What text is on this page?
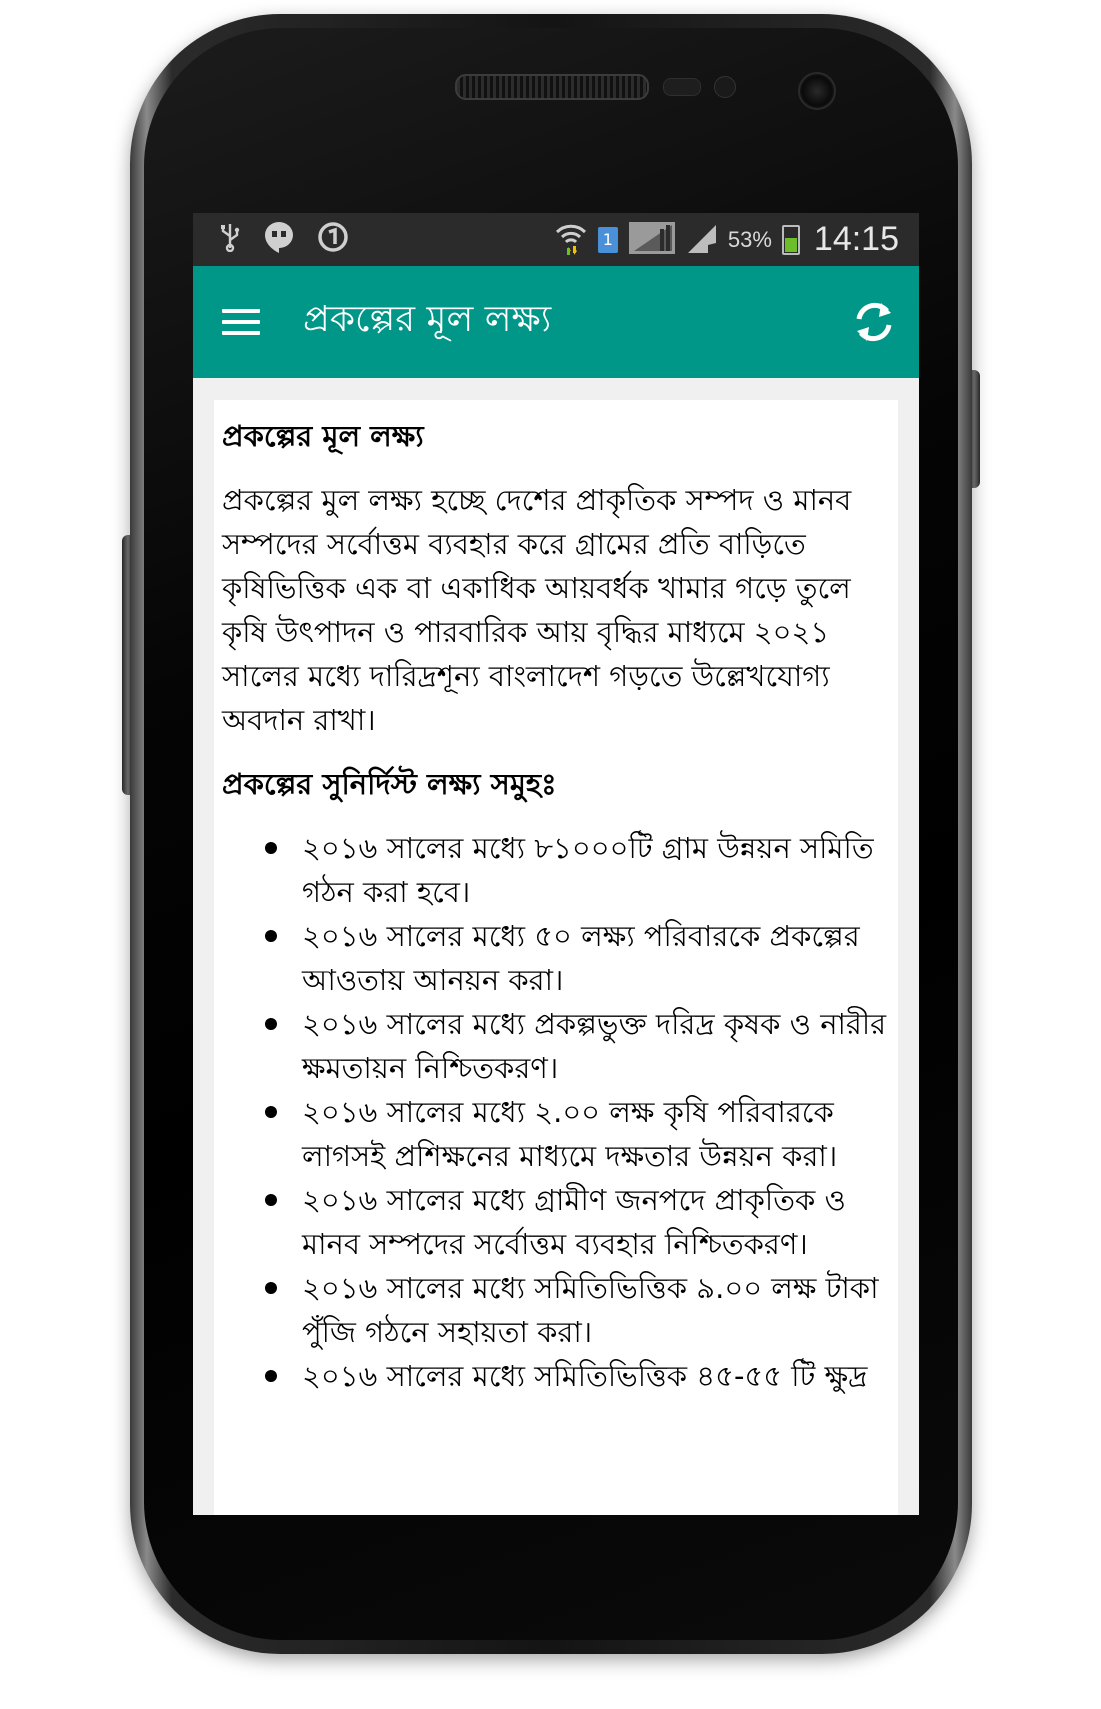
1	53% 14:15
প্রকল্পের মূল লক্ষ্য
প্রকল্পের মূল লক্ষ্য

প্রকল্পের মুল লক্ষ্য হচ্ছে দেশের প্রাকৃতিক সম্পদ ও মানব সম্পদের সর্বোত্তম ব্যবহার করে গ্রামের প্রতি বাড়িতে কৃষিভিত্তিক এক বা একাধিক আয়বর্ধক খামার গড়ে তুলে কৃষি উৎপাদন ও পারবারিক আয় বৃদ্ধির মাধ্যমে ২০২১ সালের মধ্যে দারিদ্রশূন্য বাংলাদেশ গড়তে উল্লেখযোগ্য অবদান রাখা।

প্রকল্পের সুনির্দিস্ট লক্ষ্য সমুহঃ
২০১৬ সালের মধ্যে ৮১০০০টি গ্রাম উন্নয়ন সমিতি গঠন করা হবে।
২০১৬ সালের মধ্যে ৫০ লক্ষ্য পরিবারকে প্রকল্পের আওতায় আনয়ন করা।
২০১৬ সালের মধ্যে প্রকল্পভুক্ত দরিদ্র কৃষক ও নারীর ক্ষমতায়ন নিশ্চিতকরণ।
২০১৬ সালের মধ্যে ২.০০ লক্ষ কৃষি পরিবারকে লাগসই প্রশিক্ষনের মাধ্যমে দক্ষতার উন্নয়ন করা।
২০১৬ সালের মধ্যে গ্রামীণ জনপদে প্রাকৃতিক ও মানব সম্পদের সর্বোত্তম ব্যবহার নিশ্চিতকরণ।
২০১৬ সালের মধ্যে সমিতিভিত্তিক ৯.০০ লক্ষ টাকা পুঁজি গঠনে সহায়তা করা।
২০১৬ সালের মধ্যে সমিতিভিত্তিক ৪৫-৫৫ টি ক্ষুদ্র
